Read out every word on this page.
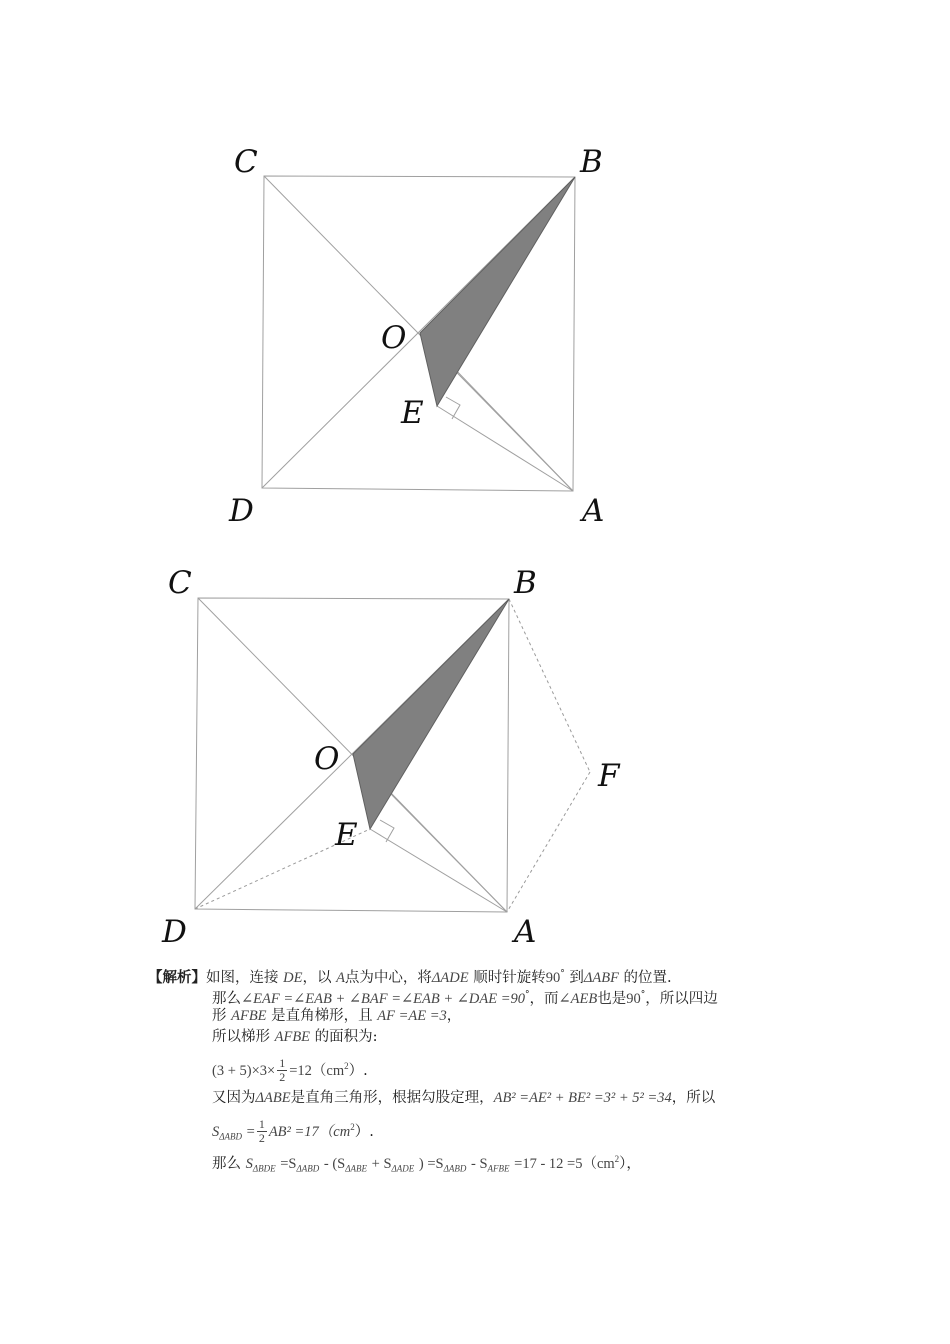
C	B
O
E
D	A
C	B
O
E
F
D	A
【解析】如图，连接 DE，以 A点为中心，将ΔADE 顺时针旋转90° 到ΔABF 的位置.
那么∠EAF =∠EAB + ∠BAF =∠EAB + ∠DAE =90°，而∠AEB也是90°，所以四边
形 AFBE 是直角梯形，且 AF =AE =3，
所以梯形 AFBE 的面积为:
$(3 + 5)\times 3\times \frac{1}{2} =12(cm^2)$.
又因为ΔABE是直角三角形，根据勾股定理，AB² =AE² + BE² =3² + 5² =34，所以
$S_{\Delta ABD} = \frac{1}{2} AB^2 =17(cm^2)$.
那么 $S_{\Delta BDE} =S_{\Delta ABD} - (S_{\Delta ABE} + S_{\Delta ADE}$ ) $=S_{\Delta ABD} - S_{AFBE} =17 - 12 =5(cm^2)$，
